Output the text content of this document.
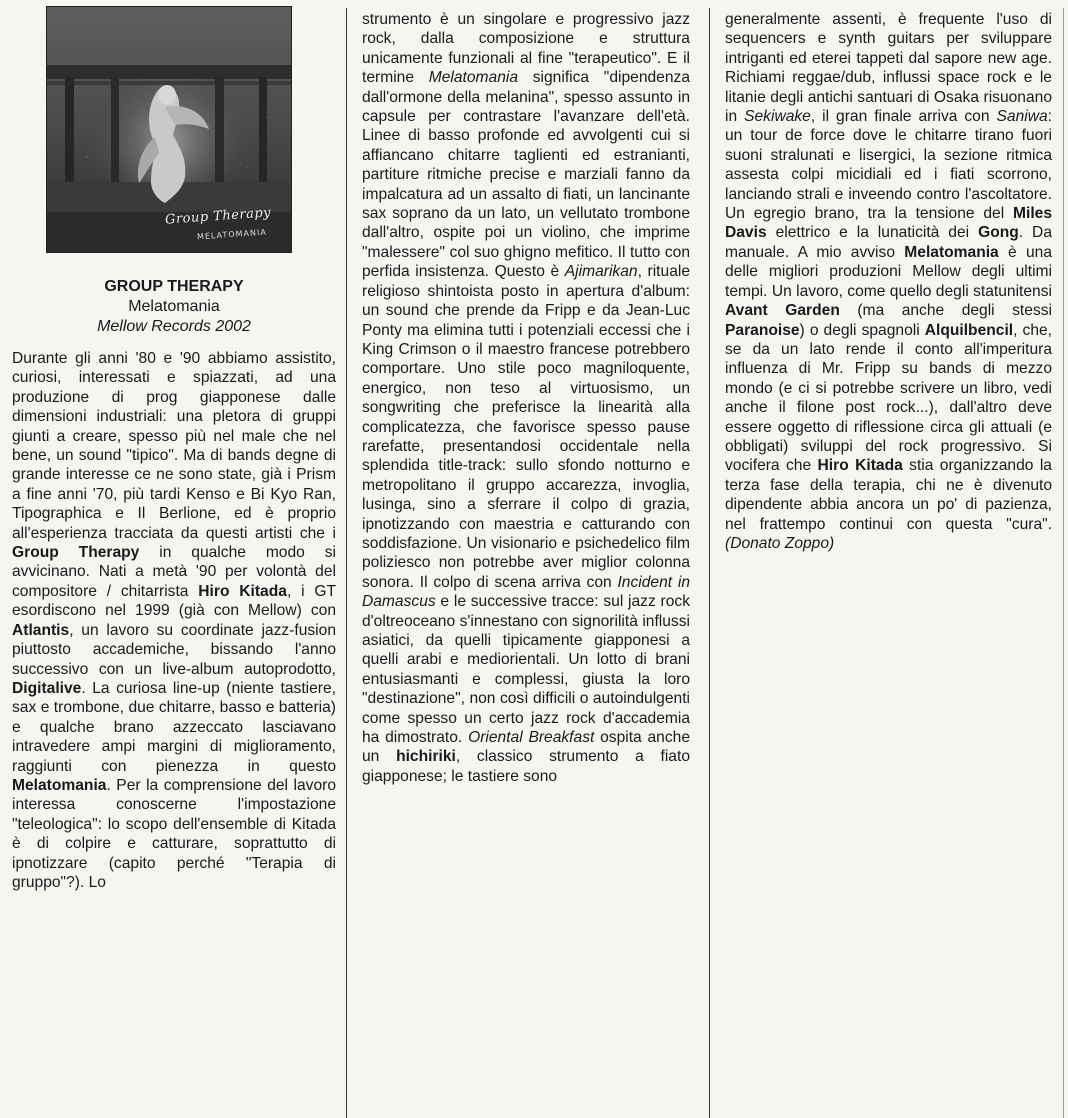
Group Therapy
MELATOMANIA
GROUP THERAPY
Melatomania
Mellow Records 2002

Durante gli anni '80 e '90 abbiamo assistito, curiosi, interessati e spiazzati, ad una produzione di prog giapponese dalle dimensioni industriali: una pletora di gruppi giunti a creare, spesso più nel male che nel bene, un sound "tipico". Ma di bands degne di grande interesse ce ne sono state, già i Prism a fine anni '70, più tardi Kenso e Bi Kyo Ran, Tipographica e Il Berlione, ed è proprio all'esperienza tracciata da questi artisti che i Group Therapy in qualche modo si avvicinano. Nati a metà '90 per volontà del compositore / chitarrista Hiro Kitada, i GT esordiscono nel 1999 (già con Mellow) con Atlantis, un lavoro su coordinate jazz-fusion piuttosto accademiche, bissando l'anno successivo con un live-album autoprodotto, Digitalive. La curiosa line-up (niente tastiere, sax e trombone, due chitarre, basso e batteria) e qualche brano azzeccato lasciavano intravedere ampi margini di miglioramento, raggiunti con pienezza in questo Melatomania. Per la comprensione del lavoro interessa conoscerne l'impostazione "teleologica": lo scopo dell'ensemble di Kitada è di colpire e catturare, soprattutto di ipnotizzare (capito perché "Terapia di gruppo"?). Lo

strumento è un singolare e progressivo jazz rock, dalla composizione e struttura unicamente funzionali al fine "terapeutico". E il termine Melatomania significa "dipendenza dall'ormone della melanina", spesso assunto in capsule per contrastare l'avanzare dell'età. Linee di basso profonde ed avvolgenti cui si affiancano chitarre taglienti ed estranianti, partiture ritmiche precise e marziali fanno da impalcatura ad un assalto di fiati, un lancinante sax soprano da un lato, un vellutato trombone dall'altro, ospite poi un violino, che imprime "malessere" col suo ghigno mefitico. Il tutto con perfida insistenza. Questo è Ajimarikan, rituale religioso shintoista posto in apertura d'album: un sound che prende da Fripp e da Jean-Luc Ponty ma elimina tutti i potenziali eccessi che i King Crimson o il maestro francese potrebbero comportare. Uno stile poco magniloquente, energico, non teso al virtuosismo, un songwriting che preferisce la linearità alla complicatezza, che favorisce spesso pause rarefatte, presentandosi occidentale nella splendida title-track: sullo sfondo notturno e metropolitano il gruppo accarezza, invoglia, lusinga, sino a sferrare il colpo di grazia, ipnotizzando con maestria e catturando con soddisfazione. Un visionario e psichedelico film poliziesco non potrebbe aver miglior colonna sonora. Il colpo di scena arriva con Incident in Damascus e le successive tracce: sul jazz rock d'oltreoceano s'innestano con signorilità influssi asiatici, da quelli tipicamente giapponesi a quelli arabi e mediorientali. Un lotto di brani entusiasmanti e complessi, giusta la loro "destinazione", non così difficili o autoindulgenti come spesso un certo jazz rock d'accademia ha dimostrato. Oriental Breakfast ospita anche un hichiriki, classico strumento a fiato giapponese; le tastiere sono

generalmente assenti, è frequente l'uso di sequencers e synth guitars per sviluppare intriganti ed eterei tappeti dal sapore new age. Richiami reggae/dub, influssi space rock e le litanie degli antichi santuari di Osaka risuonano in Sekiwake, il gran finale arriva con Saniwa: un tour de force dove le chitarre tirano fuori suoni stralunati e lisergici, la sezione ritmica assesta colpi micidiali ed i fiati scorrono, lanciando strali e inveendo contro l'ascoltatore. Un egregio brano, tra la tensione del Miles Davis elettrico e la lunaticità dei Gong. Da manuale. A mio avviso Melatomania è una delle migliori produzioni Mellow degli ultimi tempi. Un lavoro, come quello degli statunitensi Avant Garden (ma anche degli stessi Paranoise) o degli spagnoli Alquilbencil, che, se da un lato rende il conto all'imperitura influenza di Mr. Fripp su bands di mezzo mondo (e ci si potrebbe scrivere un libro, vedi anche il filone post rock...), dall'altro deve essere oggetto di riflessione circa gli attuali (e obbligati) sviluppi del rock progressivo. Si vocifera che Hiro Kitada stia organizzando la terza fase della terapia, chi ne è divenuto dipendente abbia ancora un po' di pazienza, nel frattempo continui con questa "cura". (Donato Zoppo)
